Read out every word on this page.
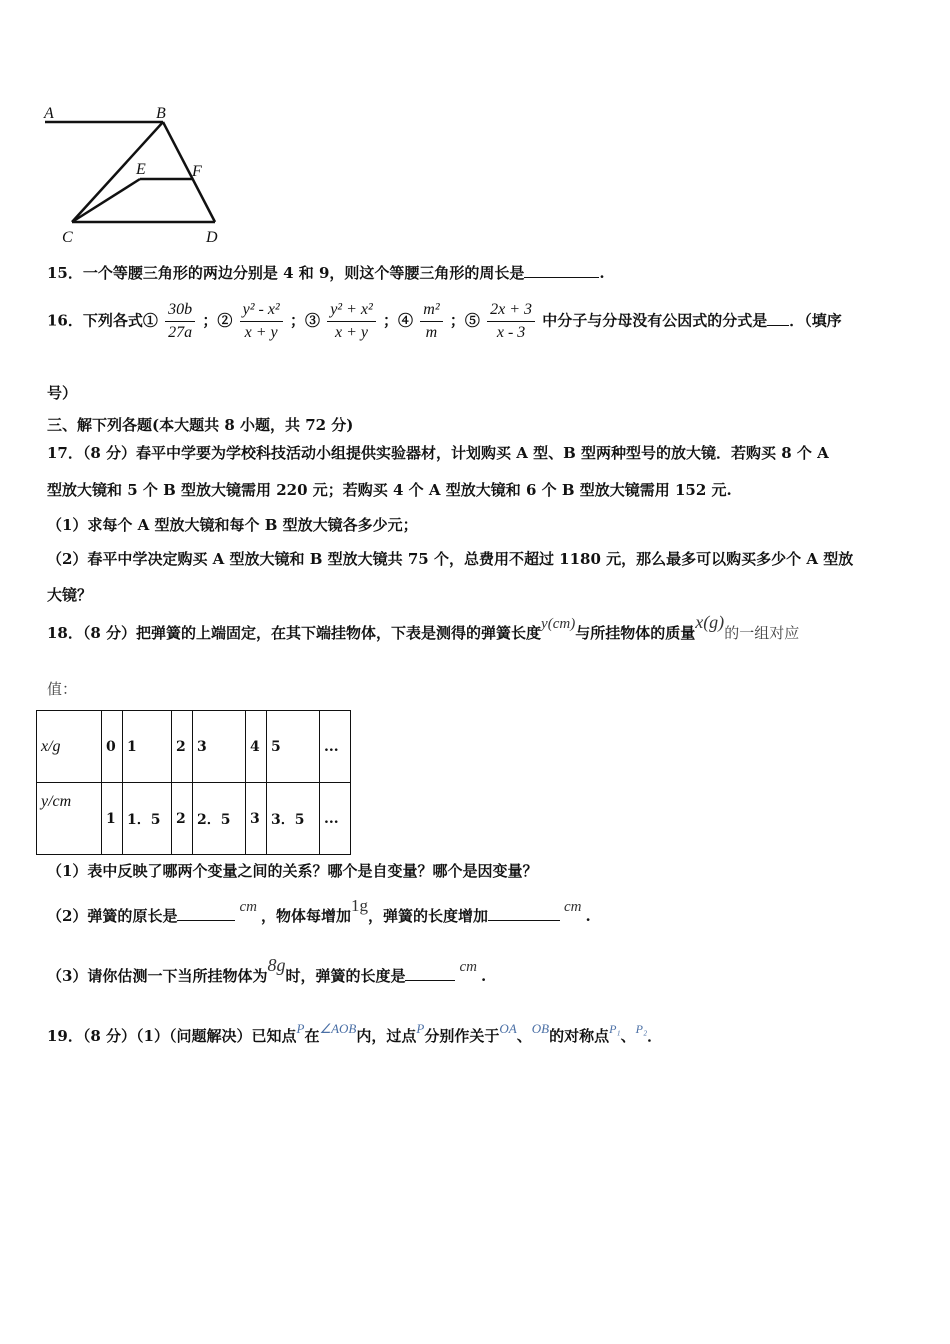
A	B
E	F
C	D
15．一个等腰三角形的两边分别是 4 和 9，则这个等腰三角形的周长是	.
16．下列各式① $\frac{30b}{27a}$ ；② $\frac{\text{y² - x²}}{x + y}$ ；③ $\frac{\text{y² + x²}}{x + y}$ ；④ $\frac{\text{m²}}{m}$ ；⑤ $\frac{2x + 3}{x - 3}$ 中分子与分母没有公因式的分式是 ．（填序
号）
三、解下列各题(本大题共 8 小题，共 72 分)
17．（8 分）春平中学要为学校科技活动小组提供实验器材，计划购买 A 型、B 型两种型号的放大镜．若购买 8 个 A
型放大镜和 5 个 B 型放大镜需用 220 元；若购买 4 个 A 型放大镜和 6 个 B 型放大镜需用 152 元.
（1）求每个 A 型放大镜和每个 B 型放大镜各多少元；
（2）春平中学决定购买 A 型放大镜和 B 型放大镜共 75 个，总费用不超过 1180 元，那么最多可以购买多少个 A 型放
大镜？
18．（8 分）把弹簧的上端固定，在其下端挂物体，下表是测得的弹簧长度y(cm)与所挂物体的质量x(g)的一组对应
值：
x/g	0	1	2	3	4	5	...
y/cm	1	1．5	2	2．5	3	3．5	...
（1）表中反映了哪两个变量之间的关系？哪个是自变量？哪个是因变量？
（2）弹簧的原长是	cm ，物体每增加1g，弹簧的长度增加	cm .
（3）请你估测一下当所挂物体为8g时，弹簧的长度是	cm .
19．（8 分）（1）（问题解决）已知点P在∠AOB内，过点P分别作关于OA、OB的对称点$^{P_1}$、$^{P_2}$．
